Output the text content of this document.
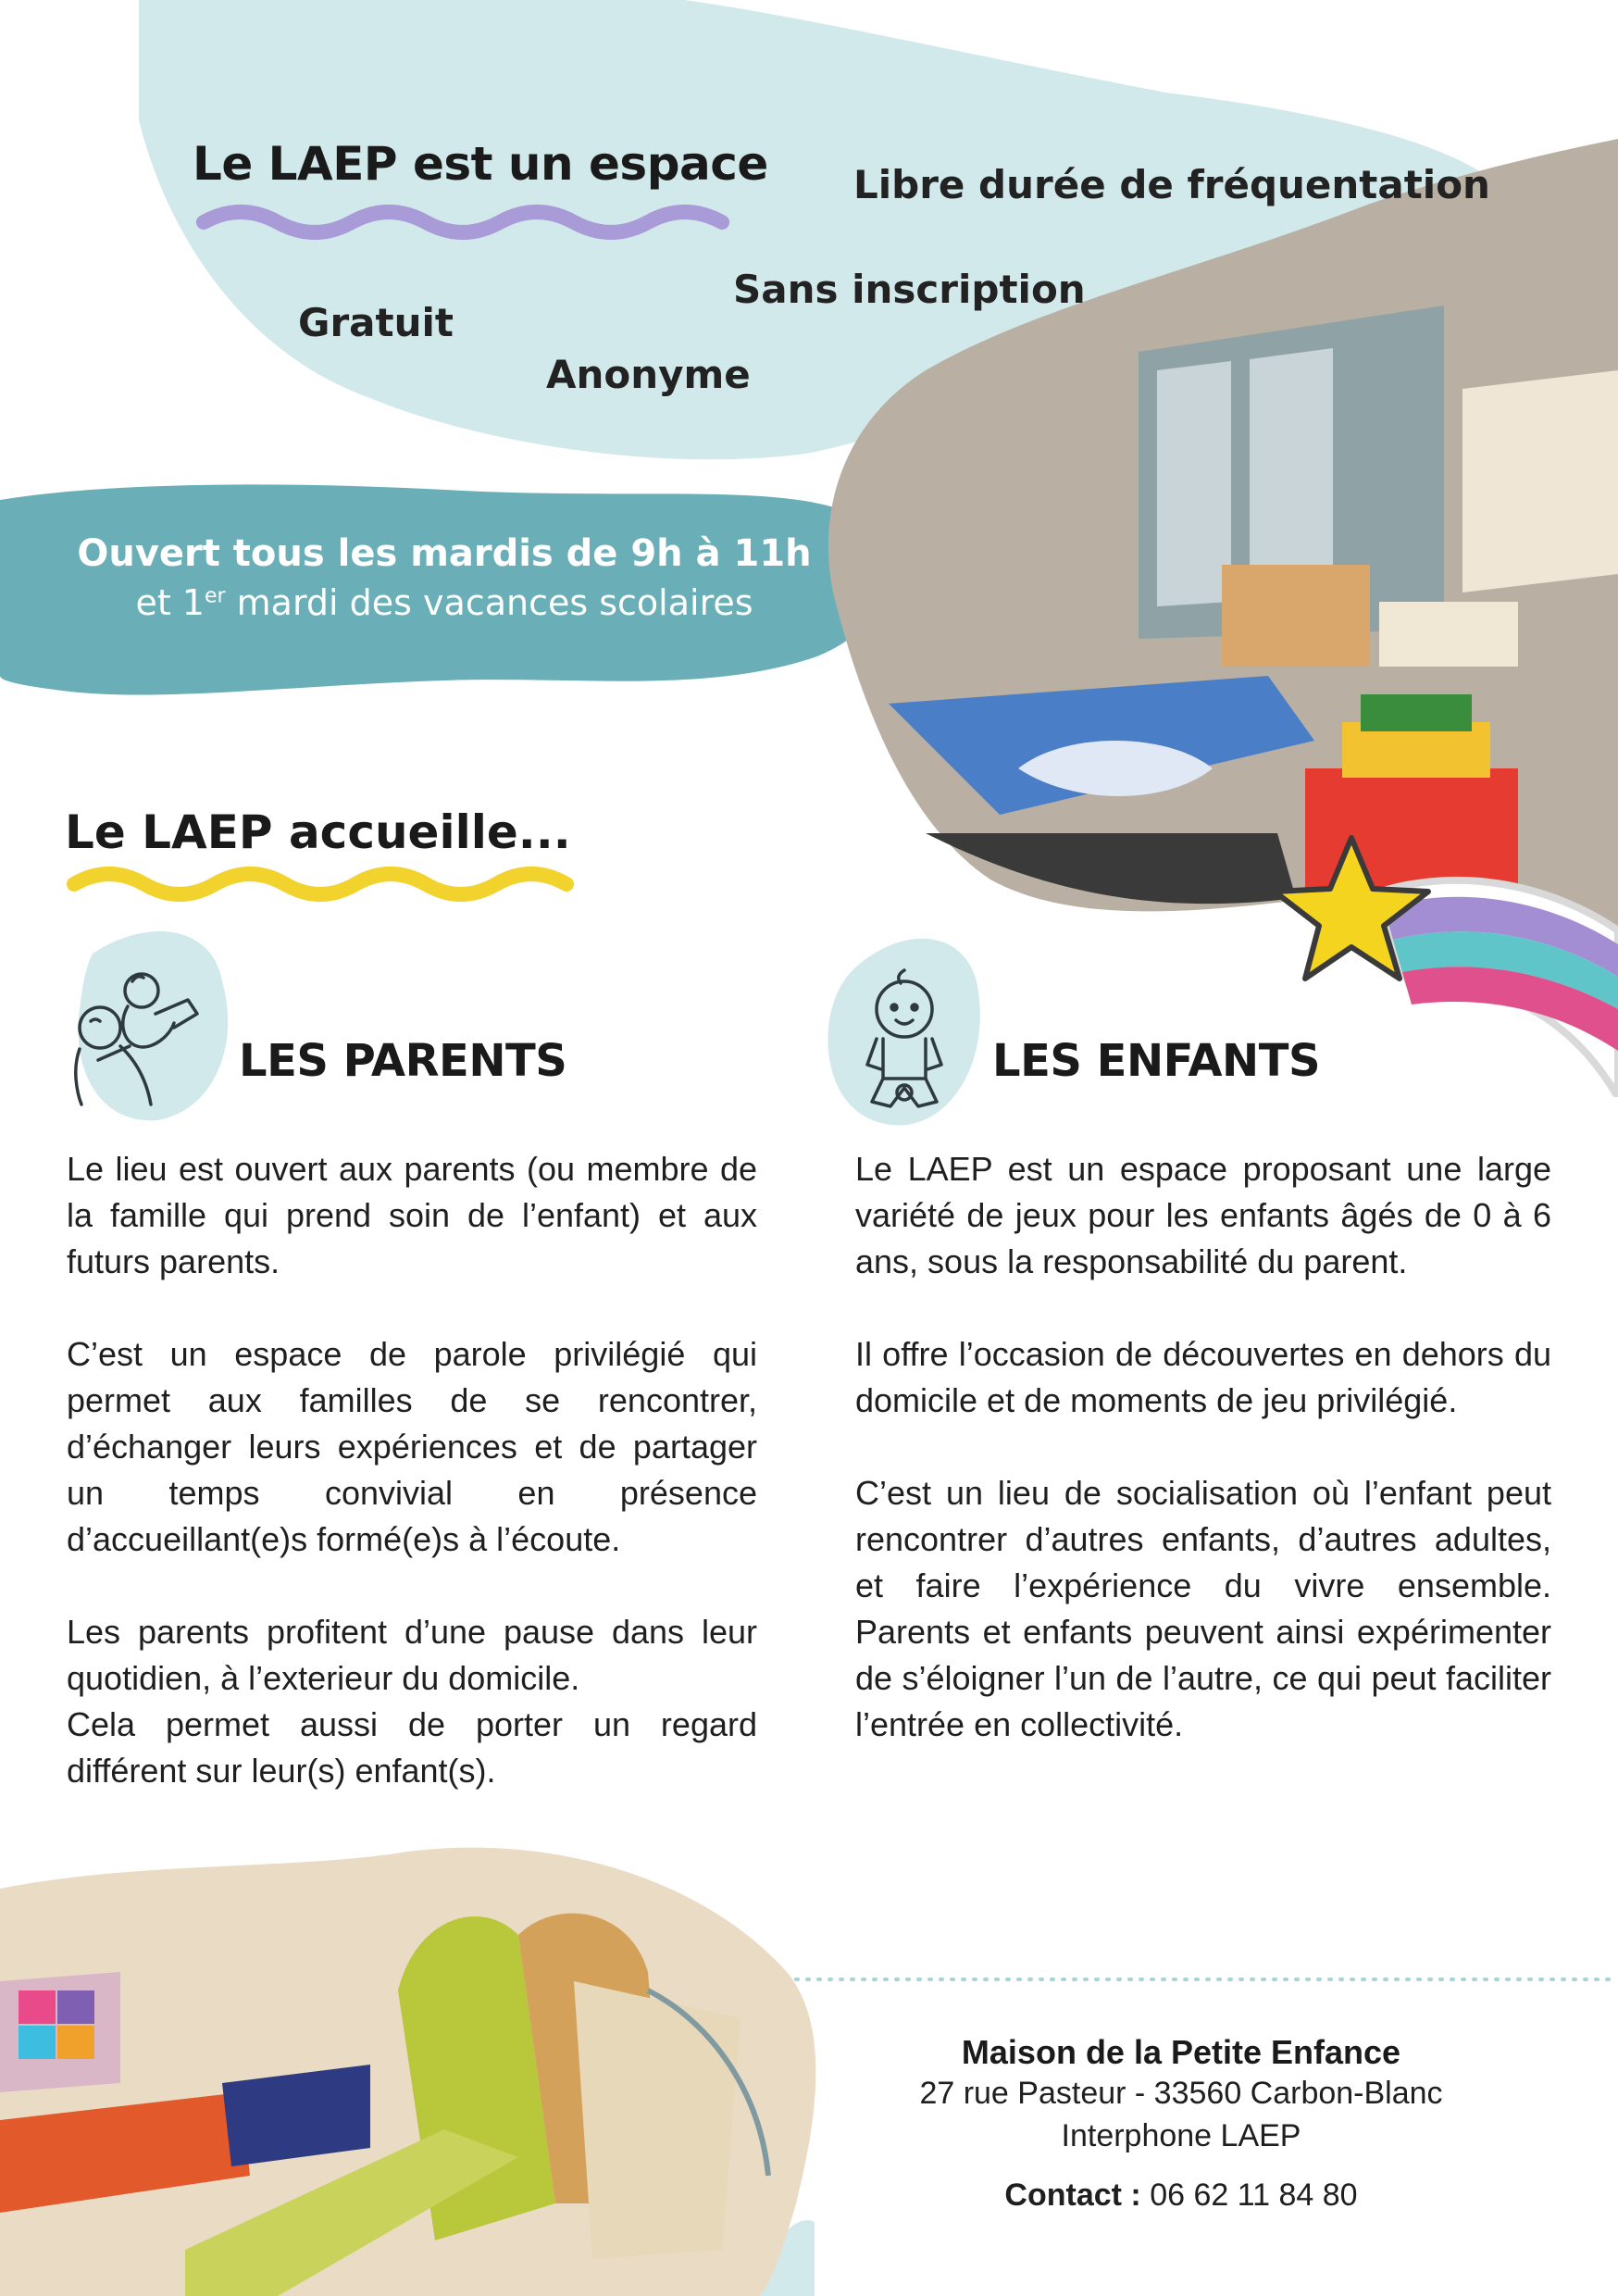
Le LAEP est un espace Libre durée de fréquentation
Sans inscription
Gratuit
Anonyme
Ouvert tous les mardis de 9h à 11h
et 1er mardi des vacances scolaires
Le LAEP accueille...
LES PARENTS	LES ENFANTS

Le lieu est ouvert aux parents (ou membre de la famille qui prend soin de l’enfant) et aux futurs parents.

C’est un espace de parole privilégié qui permet aux familles de se rencontrer, d’échanger leurs expériences et de partager un temps convivial en présence d’accueillant(e)s formé(e)s à l’écoute.

Les parents profitent d’une pause dans leur quotidien, à l’exterieur du domicile.

Cela permet aussi de porter un regard différent sur leur(s) enfant(s).

Le LAEP est un espace proposant une large variété de jeux pour les enfants âgés de 0 à 6 ans, sous la responsabilité du parent.

Il offre l’occasion de découvertes en dehors du domicile et de moments de jeu privilégié.

C’est un lieu de socialisation où l’enfant peut rencontrer d’autres enfants, d’autres adultes, et faire l’expérience du vivre ensemble. Parents et enfants peuvent ainsi expérimenter de s’éloigner l’un de l’autre, ce qui peut faciliter l’entrée en collectivité.

Maison de la Petite Enfance
27 rue Pasteur - 33560 Carbon-Blanc
Interphone LAEP
Contact : 06 62 11 84 80
